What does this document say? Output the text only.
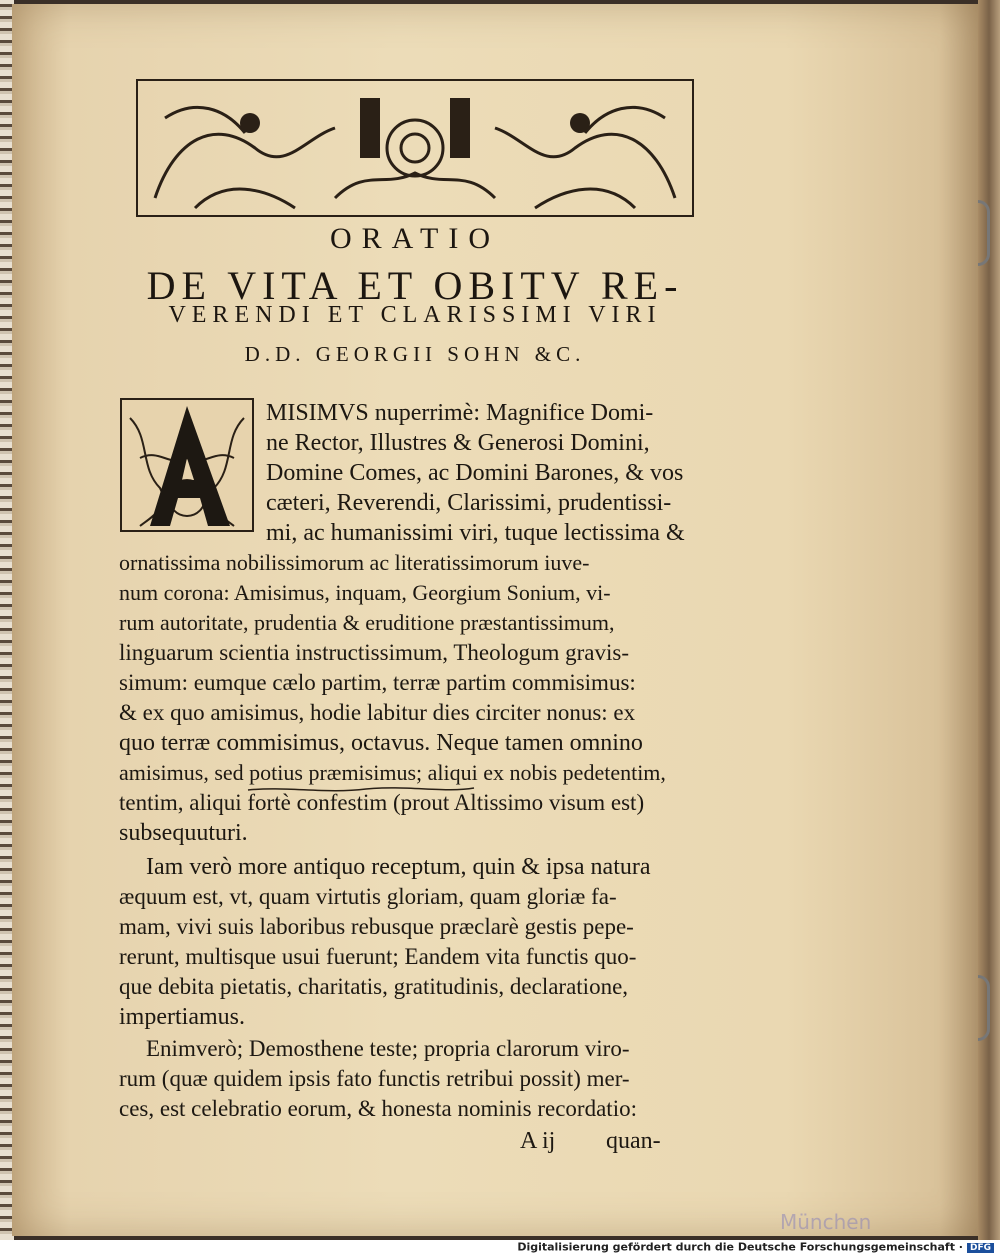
ORATIO
DE VITA ET OBITV RE-
VERENDI ET CLARISSIMI VIRI
D.D. GEORGII SOHN &C.
MISIMVS nuperrimè: Magnifice Domi-
ne Rector, Illustres & Generosi Domini,
Domine Comes, ac Domini Barones, & vos
cæteri, Reverendi, Clarissimi, prudentissi-
mi, ac humanissimi viri, tuque lectissima &
ornatissima nobilissimorum ac literatissimorum iuve-
num corona: Amisimus, inquam, Georgium Sonium, vi-
rum autoritate, prudentia & eruditione præstantissimum,
linguarum scientia instructissimum, Theologum gravis-
simum: eumque cælo partim, terræ partim commisimus:
& ex quo amisimus, hodie labitur dies circiter nonus: ex
quo terræ commisimus, octavus. Neque tamen omnino
amisimus, sed potius præmisimus; aliqui ex nobis pedetentim,
tentim, aliqui fortè confestim (prout Altissimo visum est)
subsequuturi.
Iam verò more antiquo receptum, quin & ipsa natura
æquum est, vt, quam virtutis gloriam, quam gloriæ fa-
mam, vivi suis laboribus rebusque præclarè gestis pepe-
rerunt, multisque usui fuerunt; Eandem vita functis quo-
que debita pietatis, charitatis, gratitudinis, declaratione,
impertiamus.
Enimverò; Demosthene teste; propria clarorum viro-
rum (quæ quidem ipsis fato functis retribui possit) mer-
ces, est celebratio eorum, & honesta nominis recordatio:
A ij quan-
München
Digitalisierung gefördert durch die Deutsche Forschungsgemeinschaft · DFG
